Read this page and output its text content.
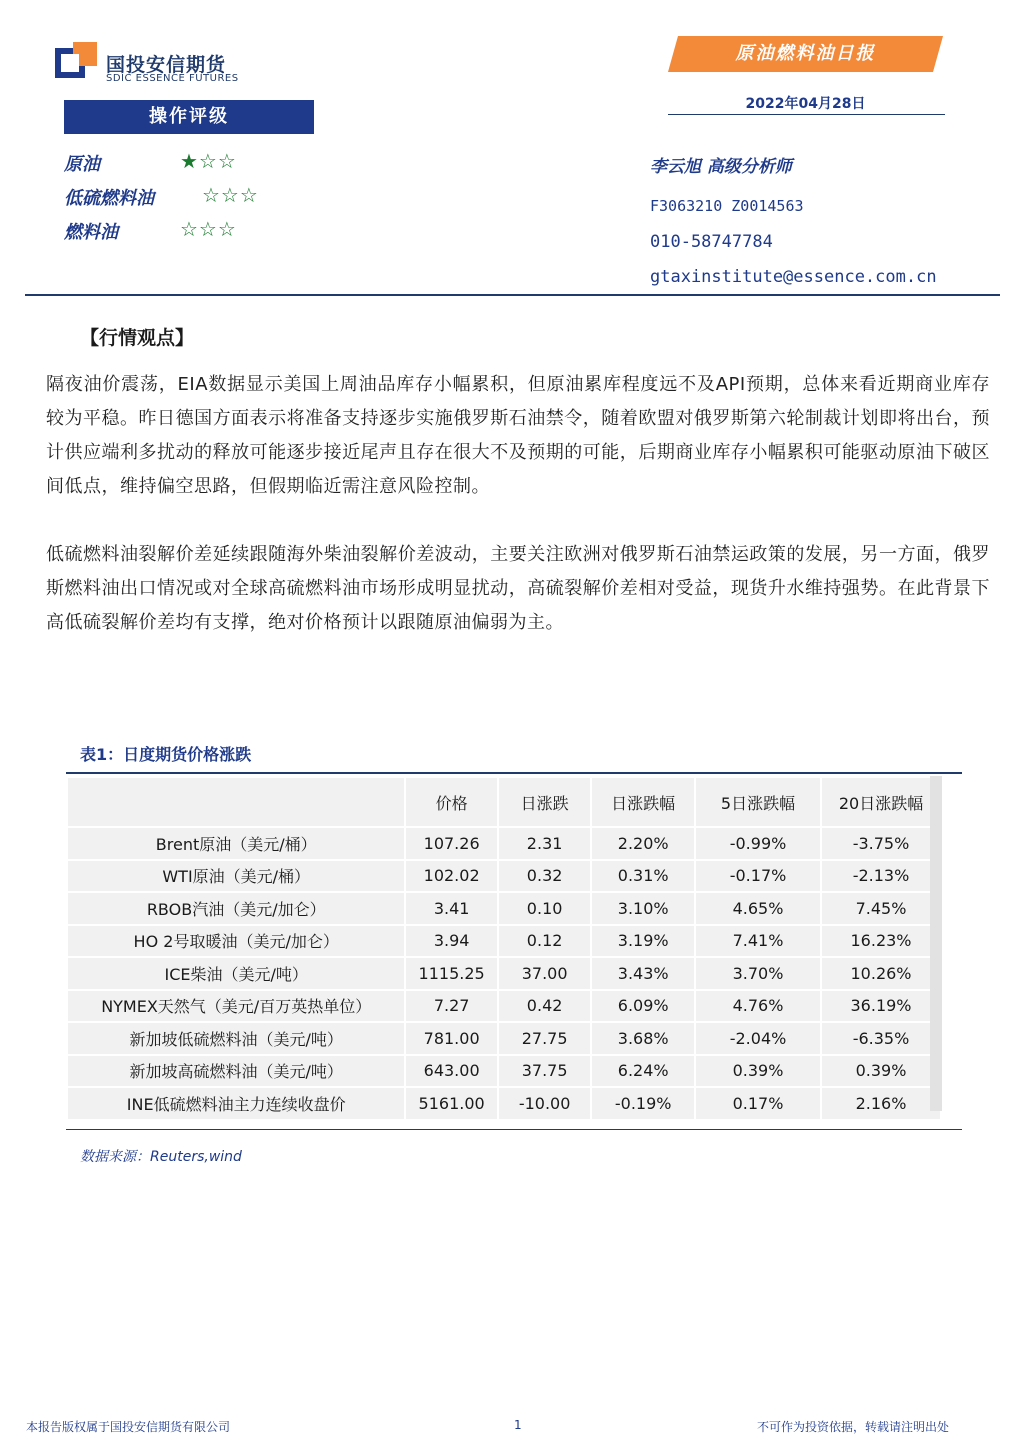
国投安信期货
SDIC ESSENCE FUTURES
原油燃料油日报
2022年04月28日
操作评级
原油	★☆☆
低硫燃料油 ☆☆☆
燃料油	☆☆☆
李云旭 高级分析师
F3063210 Z0014563
010-58747784
gtaxinstitute@essence.com.cn
【行情观点】
隔夜油价震荡，EIA数据显示美国上周油品库存小幅累积，但原油累库程度远不及API预期，总体来看近期商业库存较为平稳。昨日德国方面表示将准备支持逐步实施俄罗斯石油禁令，随着欧盟对俄罗斯第六轮制裁计划即将出台，预计供应端利多扰动的释放可能逐步接近尾声且存在很大不及预期的可能，后期商业库存小幅累积可能驱动原油下破区间低点，维持偏空思路，但假期临近需注意风险控制。
低硫燃料油裂解价差延续跟随海外柴油裂解价差波动，主要关注欧洲对俄罗斯石油禁运政策的发展，另一方面，俄罗斯燃料油出口情况或对全球高硫燃料油市场形成明显扰动，高硫裂解价差相对受益，现货升水维持强势。在此背景下高低硫裂解价差均有支撑，绝对价格预计以跟随原油偏弱为主。
表1：日度期货价格涨跌
	价格	日涨跌	日涨跌幅	5日涨跌幅	20日涨跌幅
Brent原油（美元/桶）	107.26	2.31	2.20%	-0.99%	-3.75%
WTI原油（美元/桶）	102.02	0.32	0.31%	-0.17%	-2.13%
RBOB汽油（美元/加仑）	3.41	0.10	3.10%	4.65%	7.45%
HO 2号取暖油（美元/加仑）	3.94	0.12	3.19%	7.41%	16.23%
ICE柴油（美元/吨）	1115.25	37.00	3.43%	3.70%	10.26%
NYMEX天然气（美元/百万英热单位）	7.27	0.42	6.09%	4.76%	36.19%
新加坡低硫燃料油（美元/吨）	781.00	27.75	3.68%	-2.04%	-6.35%
新加坡高硫燃料油（美元/吨）	643.00	37.75	6.24%	0.39%	0.39%
INE低硫燃料油主力连续收盘价	5161.00	-10.00	-0.19%	0.17%	2.16%
数据来源：Reuters,wind
本报告版权属于国投安信期货有限公司	1	不可作为投资依据，转载请注明出处
